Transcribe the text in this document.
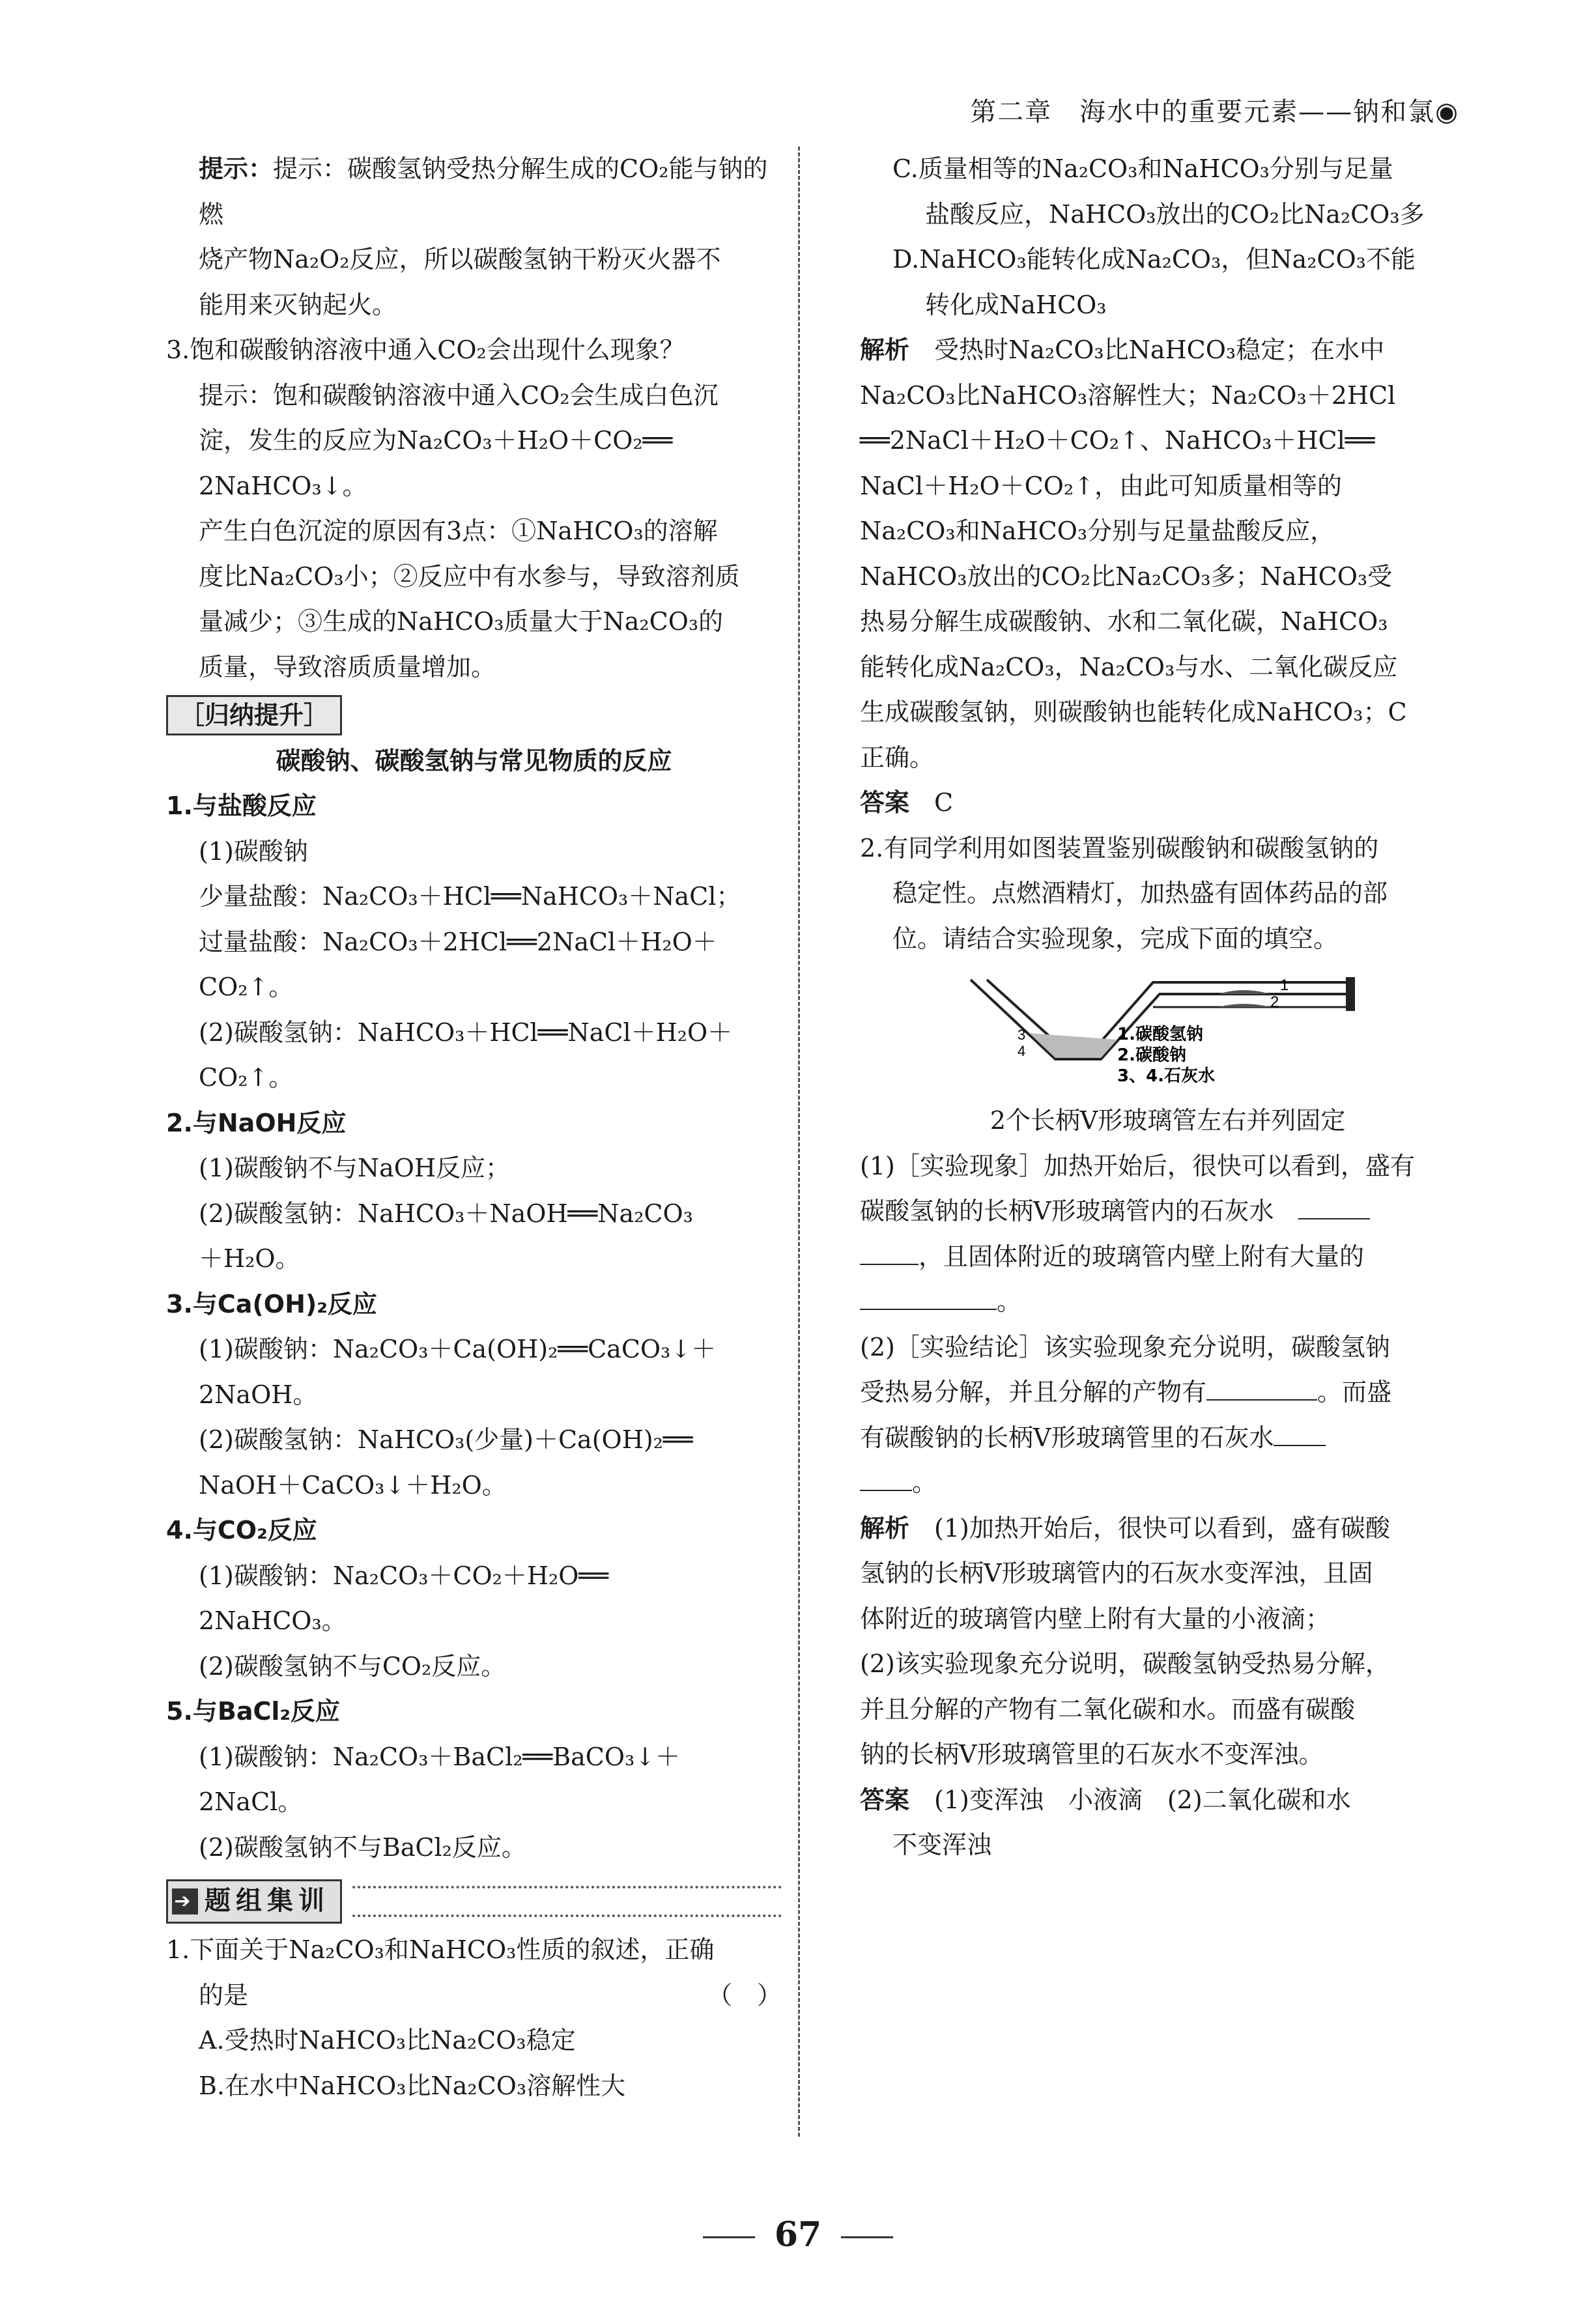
第二章　海水中的重要元素——钠和氯◉

提示：提示：碳酸氢钠受热分解生成的CO₂能与钠的燃

烧产物Na₂O₂反应，所以碳酸氢钠干粉灭火器不

能用来灭钠起火。

3.饱和碳酸钠溶液中通入CO₂会出现什么现象？

提示：饱和碳酸钠溶液中通入CO₂会生成白色沉

淀，发生的反应为Na₂CO₃＋H₂O＋CO₂══

2NaHCO₃↓。

产生白色沉淀的原因有3点：①NaHCO₃的溶解

度比Na₂CO₃小；②反应中有水参与，导致溶剂质

量减少；③生成的NaHCO₃质量大于Na₂CO₃的

质量，导致溶质质量增加。

［归纳提升］

碳酸钠、碳酸氢钠与常见物质的反应

1.与盐酸反应

(1)碳酸钠

少量盐酸：Na₂CO₃＋HCl══NaHCO₃＋NaCl；

过量盐酸：Na₂CO₃＋2HCl══2NaCl＋H₂O＋

CO₂↑。

(2)碳酸氢钠：NaHCO₃＋HCl══NaCl＋H₂O＋

CO₂↑。

2.与NaOH反应

(1)碳酸钠不与NaOH反应；

(2)碳酸氢钠：NaHCO₃＋NaOH══Na₂CO₃

＋H₂O。

3.与Ca(OH)₂反应

(1)碳酸钠：Na₂CO₃＋Ca(OH)₂══CaCO₃↓＋

2NaOH。

(2)碳酸氢钠：NaHCO₃(少量)＋Ca(OH)₂══

NaOH＋CaCO₃↓＋H₂O。

4.与CO₂反应

(1)碳酸钠：Na₂CO₃＋CO₂＋H₂O══

2NaHCO₃。

(2)碳酸氢钠不与CO₂反应。

5.与BaCl₂反应

(1)碳酸钠：Na₂CO₃＋BaCl₂══BaCO₃↓＋

2NaCl。

(2)碳酸氢钠不与BaCl₂反应。

➔ 题组集训

1.下面关于Na₂CO₃和NaHCO₃性质的叙述，正确

的是	（　）

A.受热时NaHCO₃比Na₂CO₃稳定

B.在水中NaHCO₃比Na₂CO₃溶解性大

C.质量相等的Na₂CO₃和NaHCO₃分别与足量

盐酸反应，NaHCO₃放出的CO₂比Na₂CO₃多

D.NaHCO₃能转化成Na₂CO₃，但Na₂CO₃不能

转化成NaHCO₃

解析　 受热时Na₂CO₃比NaHCO₃稳定；在水中

Na₂CO₃比NaHCO₃溶解性大；Na₂CO₃＋2HCl

══2NaCl＋H₂O＋CO₂↑、NaHCO₃＋HCl══

NaCl＋H₂O＋CO₂↑，由此可知质量相等的

Na₂CO₃和NaHCO₃分别与足量盐酸反应，

NaHCO₃放出的CO₂比Na₂CO₃多；NaHCO₃受

热易分解生成碳酸钠、水和二氧化碳，NaHCO₃

能转化成Na₂CO₃，Na₂CO₃与水、二氧化碳反应

生成碳酸氢钠，则碳酸钠也能转化成NaHCO₃；C

正确。

答案　 C

2.有同学利用如图装置鉴别碳酸钠和碳酸氢钠的

稳定性。点燃酒精灯，加热盛有固体药品的部

位。请结合实验现象，完成下面的填空。

1
2
3
4
1.碳酸氢钠
2.碳酸钠
3、4.石灰水

2个长柄V形玻璃管左右并列固定

(1)［实验现象］加热开始后，很快可以看到，盛有

碳酸氢钠的长柄V形玻璃管内的石灰水　

，且固体附近的玻璃管内壁上附有大量的

。

(2)［实验结论］该实验现象充分说明，碳酸氢钠

受热易分解，并且分解的产物有	。而盛

有碳酸钠的长柄V形玻璃管里的石灰水

。

解析　 (1)加热开始后，很快可以看到，盛有碳酸

氢钠的长柄V形玻璃管内的石灰水变浑浊，且固

体附近的玻璃管内壁上附有大量的小液滴；

(2)该实验现象充分说明，碳酸氢钠受热易分解，

并且分解的产物有二氧化碳和水。而盛有碳酸

钠的长柄V形玻璃管里的石灰水不变浑浊。

答案　 (1)变浑浊　小液滴　(2)二氧化碳和水

不变浑浊

67
